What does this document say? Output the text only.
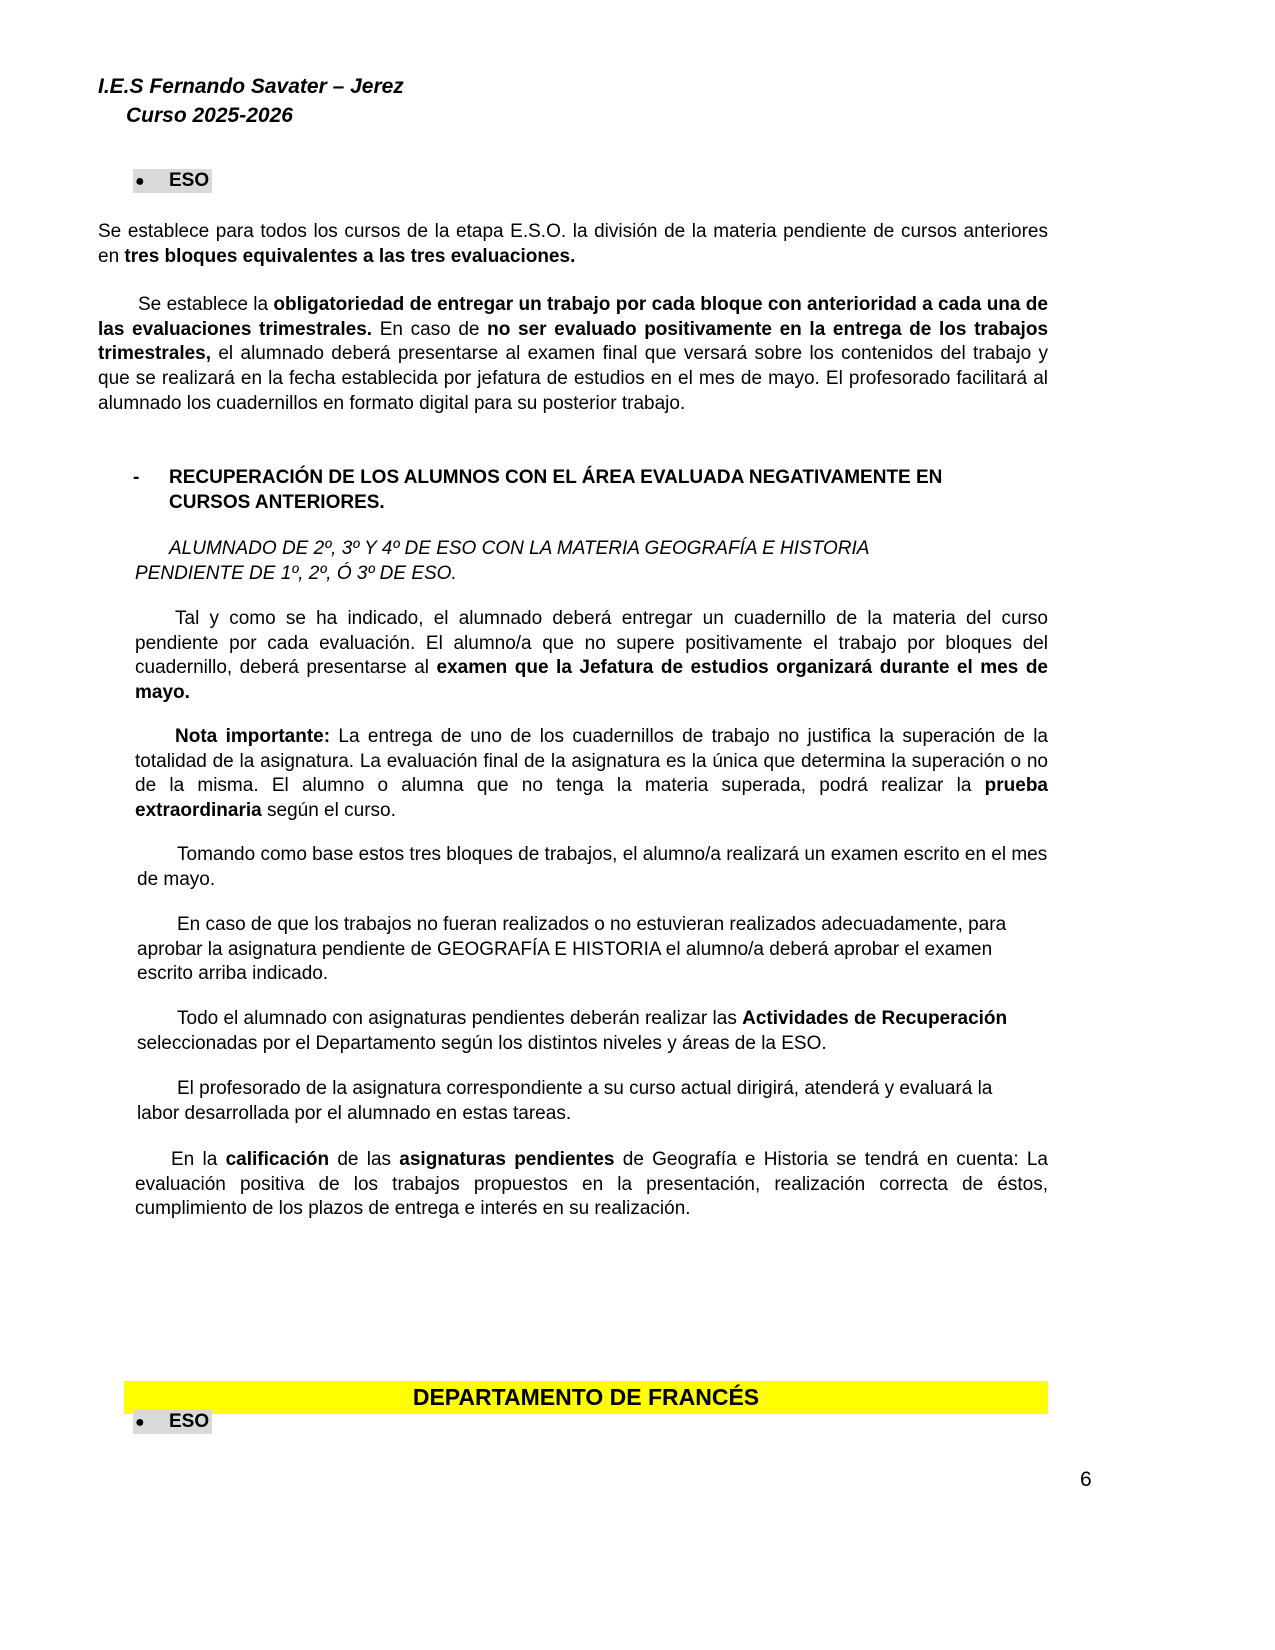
I.E.S Fernando Savater – Jerez
Curso 2025-2026
● ESO
Se establece para todos los cursos de la etapa E.S.O. la división de la materia pendiente de cursos anteriores en tres bloques equivalentes a las tres evaluaciones.
Se establece la obligatoriedad de entregar un trabajo por cada bloque con anterioridad a cada una de las evaluaciones trimestrales. En caso de no ser evaluado positivamente en la entrega de los trabajos trimestrales, el alumnado deberá presentarse al examen final que versará sobre los contenidos del trabajo y que se realizará en la fecha establecida por jefatura de estudios en el mes de mayo. El profesorado facilitará al alumnado los cuadernillos en formato digital para su posterior trabajo.
-	RECUPERACIÓN DE LOS ALUMNOS CON EL ÁREA EVALUADA NEGATIVAMENTE EN CURSOS ANTERIORES.
ALUMNADO DE 2º, 3º Y 4º DE ESO CON LA MATERIA GEOGRAFÍA E HISTORIA
PENDIENTE DE 1º, 2º, Ó 3º DE ESO.
Tal y como se ha indicado, el alumnado deberá entregar un cuadernillo de la materia del curso pendiente por cada evaluación. El alumno/a que no supere positivamente el trabajo por bloques del cuadernillo, deberá presentarse al examen que la Jefatura de estudios organizará durante el mes de mayo.
Nota importante: La entrega de uno de los cuadernillos de trabajo no justifica la superación de la totalidad de la asignatura. La evaluación final de la asignatura es la única que determina la superación o no de la misma. El alumno o alumna que no tenga la materia superada, podrá realizar la prueba extraordinaria según el curso.
Tomando como base estos tres bloques de trabajos, el alumno/a realizará un examen escrito en el mes de mayo.
En caso de que los trabajos no fueran realizados o no estuvieran realizados adecuadamente, para aprobar la asignatura pendiente de GEOGRAFÍA E HISTORIA el alumno/a deberá aprobar el examen escrito arriba indicado.
Todo el alumnado con asignaturas pendientes deberán realizar las Actividades de Recuperación seleccionadas por el Departamento según los distintos niveles y áreas de la ESO.
El profesorado de la asignatura correspondiente a su curso actual dirigirá, atenderá y evaluará la labor desarrollada por el alumnado en estas tareas.
En la calificación de las asignaturas pendientes de Geografía e Historia se tendrá en cuenta: La evaluación positiva de los trabajos propuestos en la presentación, realización correcta de éstos, cumplimiento de los plazos de entrega e interés en su realización.
DEPARTAMENTO DE FRANCÉS
● ESO
6
